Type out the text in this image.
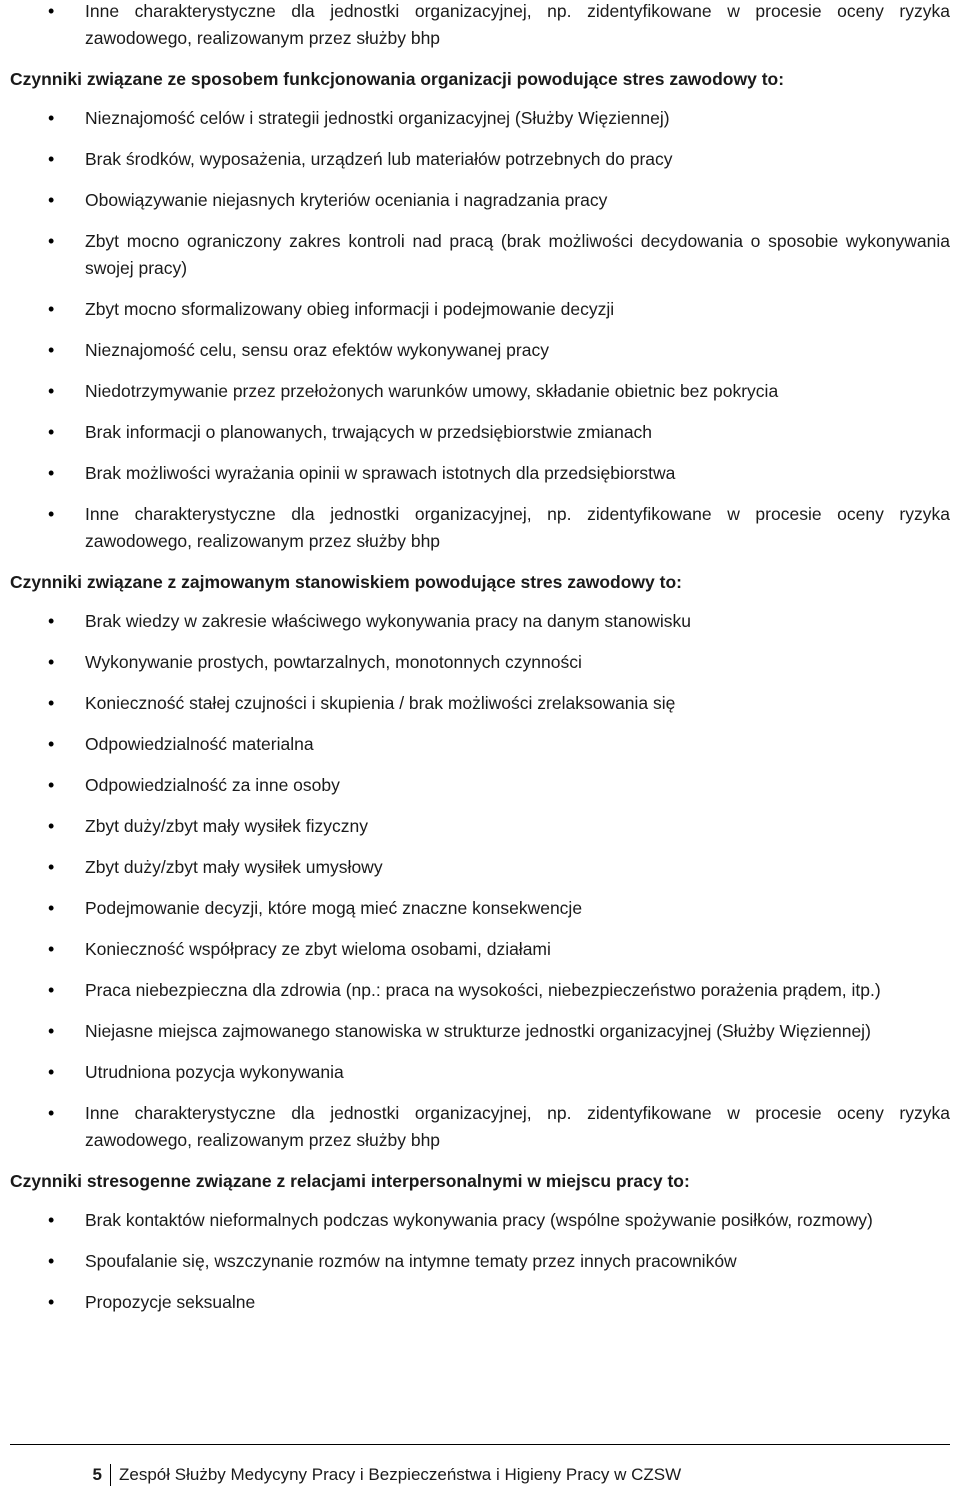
• Inne charakterystyczne dla jednostki organizacyjnej, np. zidentyfikowane w procesie oceny ryzyka zawodowego, realizowanym przez służby bhp
Czynniki związane ze sposobem funkcjonowania organizacji powodujące stres zawodowy to:
• Nieznajomość celów i strategii jednostki organizacyjnej (Służby Więziennej)
• Brak środków, wyposażenia, urządzeń lub materiałów potrzebnych do pracy
• Obowiązywanie niejasnych kryteriów oceniania i nagradzania pracy
• Zbyt mocno ograniczony zakres kontroli nad pracą (brak możliwości decydowania o sposobie wykonywania swojej pracy)
• Zbyt mocno sformalizowany obieg informacji i podejmowanie decyzji
• Nieznajomość celu, sensu oraz efektów wykonywanej pracy
• Niedotrzymywanie przez przełożonych warunków umowy, składanie obietnic bez pokrycia
• Brak informacji o planowanych, trwających w przedsiębiorstwie zmianach
• Brak możliwości wyrażania opinii w sprawach istotnych dla przedsiębiorstwa
• Inne charakterystyczne dla jednostki organizacyjnej, np. zidentyfikowane w procesie oceny ryzyka zawodowego, realizowanym przez służby bhp
Czynniki związane z zajmowanym stanowiskiem powodujące stres zawodowy to:
• Brak wiedzy w zakresie właściwego wykonywania pracy na danym stanowisku
• Wykonywanie prostych, powtarzalnych, monotonnych czynności
• Konieczność stałej czujności i skupienia / brak możliwości zrelaksowania się
• Odpowiedzialność materialna
• Odpowiedzialność za inne osoby
• Zbyt duży/zbyt mały wysiłek fizyczny
• Zbyt duży/zbyt mały wysiłek umysłowy
• Podejmowanie decyzji, które mogą mieć znaczne konsekwencje
• Konieczność współpracy ze zbyt wieloma osobami, działami
• Praca niebezpieczna dla zdrowia (np.: praca na wysokości, niebezpieczeństwo porażenia prądem, itp.)
• Niejasne miejsca zajmowanego stanowiska w strukturze jednostki organizacyjnej (Służby Więziennej)
• Utrudniona pozycja wykonywania
• Inne charakterystyczne dla jednostki organizacyjnej, np. zidentyfikowane w procesie oceny ryzyka zawodowego, realizowanym przez służby bhp
Czynniki stresogenne związane z relacjami interpersonalnymi w miejscu pracy to:
• Brak kontaktów nieformalnych podczas wykonywania pracy (wspólne spożywanie posiłków, rozmowy)
• Spoufalanie się, wszczynanie rozmów na intymne tematy przez innych pracowników
• Propozycje seksualne
5	Zespół Służby Medycyny Pracy i Bezpieczeństwa i Higieny Pracy w CZSW
